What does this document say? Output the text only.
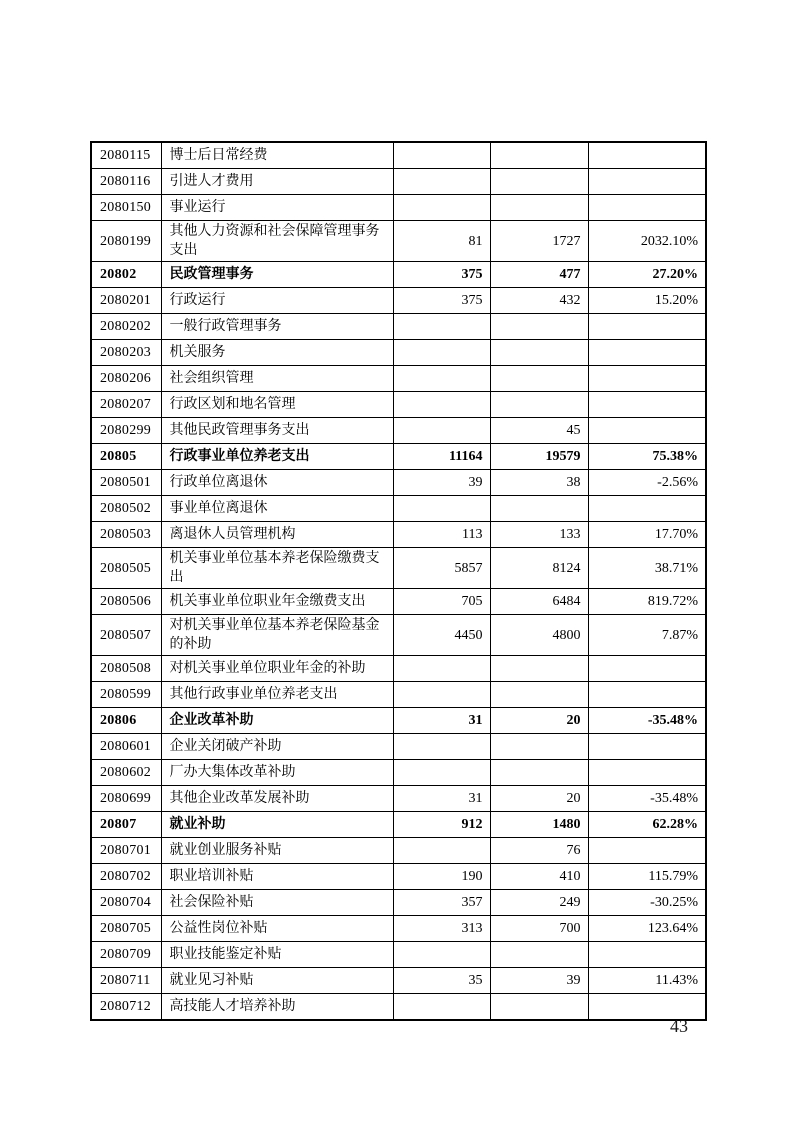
2080115	博士后日常经费			
2080116	引进人才费用			
2080150	事业运行			
2080199	其他人力资源和社会保障管理事务支出	81	1727	2032.10%
20802	民政管理事务	375	477	27.20%
2080201	行政运行	375	432	15.20%
2080202	一般行政管理事务			
2080203	机关服务			
2080206	社会组织管理			
2080207	行政区划和地名管理			
2080299	其他民政管理事务支出		45	
20805	行政事业单位养老支出	11164	19579	75.38%
2080501	行政单位离退休	39	38	-2.56%
2080502	事业单位离退休			
2080503	离退休人员管理机构	113	133	17.70%
2080505	机关事业单位基本养老保险缴费支出	5857	8124	38.71%
2080506	机关事业单位职业年金缴费支出	705	6484	819.72%
2080507	对机关事业单位基本养老保险基金的补助	4450	4800	7.87%
2080508	对机关事业单位职业年金的补助			
2080599	其他行政事业单位养老支出			
20806	企业改革补助	31	20	-35.48%
2080601	企业关闭破产补助			
2080602	厂办大集体改革补助			
2080699	其他企业改革发展补助	31	20	-35.48%
20807	就业补助	912	1480	62.28%
2080701	就业创业服务补贴		76	
2080702	职业培训补贴	190	410	115.79%
2080704	社会保险补贴	357	249	-30.25%
2080705	公益性岗位补贴	313	700	123.64%
2080709	职业技能鉴定补贴			
2080711	就业见习补贴	35	39	11.43%
2080712	高技能人才培养补助			
43
